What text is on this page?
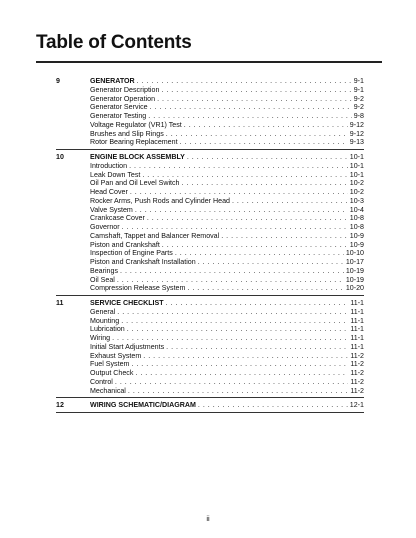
Table of Contents
9	GENERATOR . . .	9-1
Generator Description . . .	9-1
Generator Operation . . .	9-2
Generator Service . . .	9-2
Generator Testing . . .	9-8
Voltage Regulator (VR1) Test . . .	9-12
Brushes and Slip Rings . . .	9-12
Rotor Bearing Replacement . . .	9-13
10	ENGINE BLOCK ASSEMBLY . . .	10-1
Introduction . . .	10-1
Leak Down Test . . .	10-1
Oil Pan and Oil Level Switch . . .	10-2
Head Cover . . .	10-2
Rocker Arms, Push Rods and Cylinder Head . . .	10-3
Valve System . . .	10-4
Crankcase Cover . . .	10-8
Governor . . .	10-8
Camshaft, Tappet and Balancer Removal . . .	10-9
Piston and Crankshaft . . .	10-9
Inspection of Engine Parts . . .	10-10
Piston and Crankshaft Installation . . .	10-17
Bearings . . .	10-19
Oil Seal . . .	10-19
Compression Release System . . .	10-20
11	SERVICE CHECKLIST . . .	11-1
General . . .	11-1
Mounting . . .	11-1
Lubrication . . .	11-1
Wiring . . .	11-1
Initial Start Adjustments . . .	11-1
Exhaust System . . .	11-2
Fuel System . . .	11-2
Output Check . . .	11-2
Control . . .	11-2
Mechanical . . .	11-2
12	WIRING SCHEMATIC/DIAGRAM . . .	12-1
ii
